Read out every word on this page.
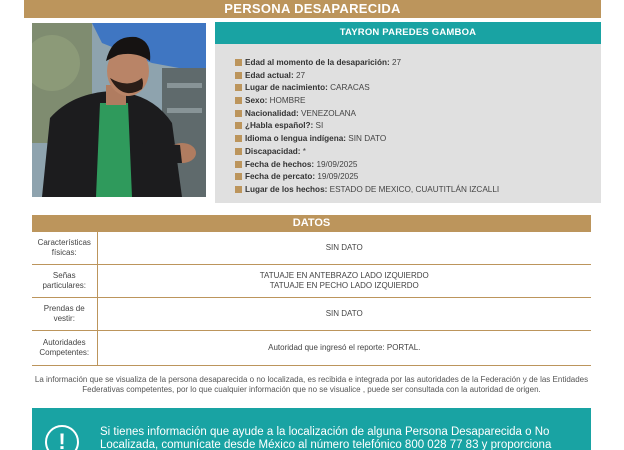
PERSONA DESAPARECIDA
TAYRON PAREDES GAMBOA
Edad al momento de la desaparición: 27
Edad actual: 27
Lugar de nacimiento: CARACAS
Sexo: HOMBRE
Nacionalidad: VENEZOLANA
¿Habla español?: SI
Idioma o lengua indígena: SIN DATO
Discapacidad: *
Fecha de hechos: 19/09/2025
Fecha de percato: 19/09/2025
Lugar de los hechos: ESTADO DE MEXICO, CUAUTITLÁN IZCALLI
DATOS
Características
físicas:	SIN DATO
Señas
particulares:	TATUAJE EN ANTEBRAZO LADO IZQUIERDO
TATUAJE EN PECHO LADO IZQUIERDO
Prendas de
vestir:	SIN DATO
Autoridades
Competentes:	Autoridad que ingresó el reporte: PORTAL.
La información que se visualiza de la persona desaparecida o no localizada, es recibida e integrada por las autoridades de la Federación y de las Entidades Federativas competentes, por lo que cualquier información que no se visualice , puede ser consultada con la autoridad de origen.
!	Si tienes información que ayude a la localización de alguna Persona Desaparecida o No Localizada, comunícate desde México al número telefónico 800 028 77 83 y proporciona
